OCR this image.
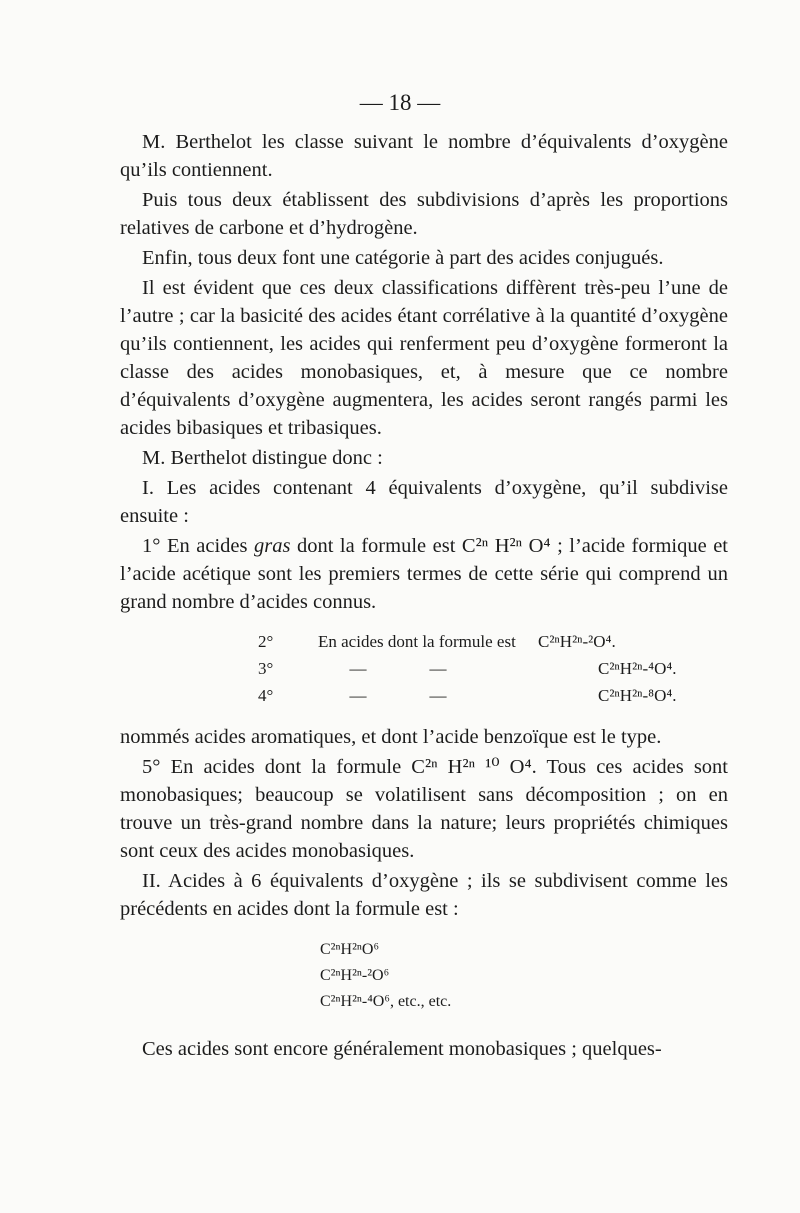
— 18 —

M. Berthelot les classe suivant le nombre d’équivalents d’oxygène qu’ils contiennent.

Puis tous deux établissent des subdivisions d’après les proportions relatives de carbone et d’hydrogène.

Enfin, tous deux font une catégorie à part des acides conjugués.

Il est évident que ces deux classifications diffèrent très-peu l’une de l’autre ; car la basicité des acides étant corrélative à la quantité d’oxygène qu’ils contiennent, les acides qui renferment peu d’oxygène formeront la classe des acides monobasiques, et, à mesure que ce nombre d’équivalents d’oxygène augmentera, les acides seront rangés parmi les acides bibasiques et tribasiques.

M. Berthelot distingue donc :

I. Les acides contenant 4 équivalents d’oxygène, qu’il subdivise ensuite :

1° En acides gras dont la formule est C²ⁿ H²ⁿ O⁴ ; l’acide formique et l’acide acétique sont les premiers termes de cette série qui comprend un grand nombre d’acides connus.

2°	En acides dont la formule est	C²ⁿH²ⁿ-²O⁴.
3°	—	—	C²ⁿH²ⁿ-⁴O⁴.
4°	—	—	C²ⁿH²ⁿ-⁸O⁴.

nommés acides aromatiques, et dont l’acide benzoïque est le type.

5° En acides dont la formule C²ⁿ H²ⁿ ¹⁰ O⁴. Tous ces acides sont monobasiques; beaucoup se volatilisent sans décomposition ; on en trouve un très-grand nombre dans la nature; leurs propriétés chimiques sont ceux des acides monobasiques.

II. Acides à 6 équivalents d’oxygène ; ils se subdivisent comme les précédents en acides dont la formule est :

C²ⁿH²ⁿO⁶
C²ⁿH²ⁿ-²O⁶
C²ⁿH²ⁿ-⁴O⁶, etc., etc.

Ces acides sont encore généralement monobasiques ; quelques-
